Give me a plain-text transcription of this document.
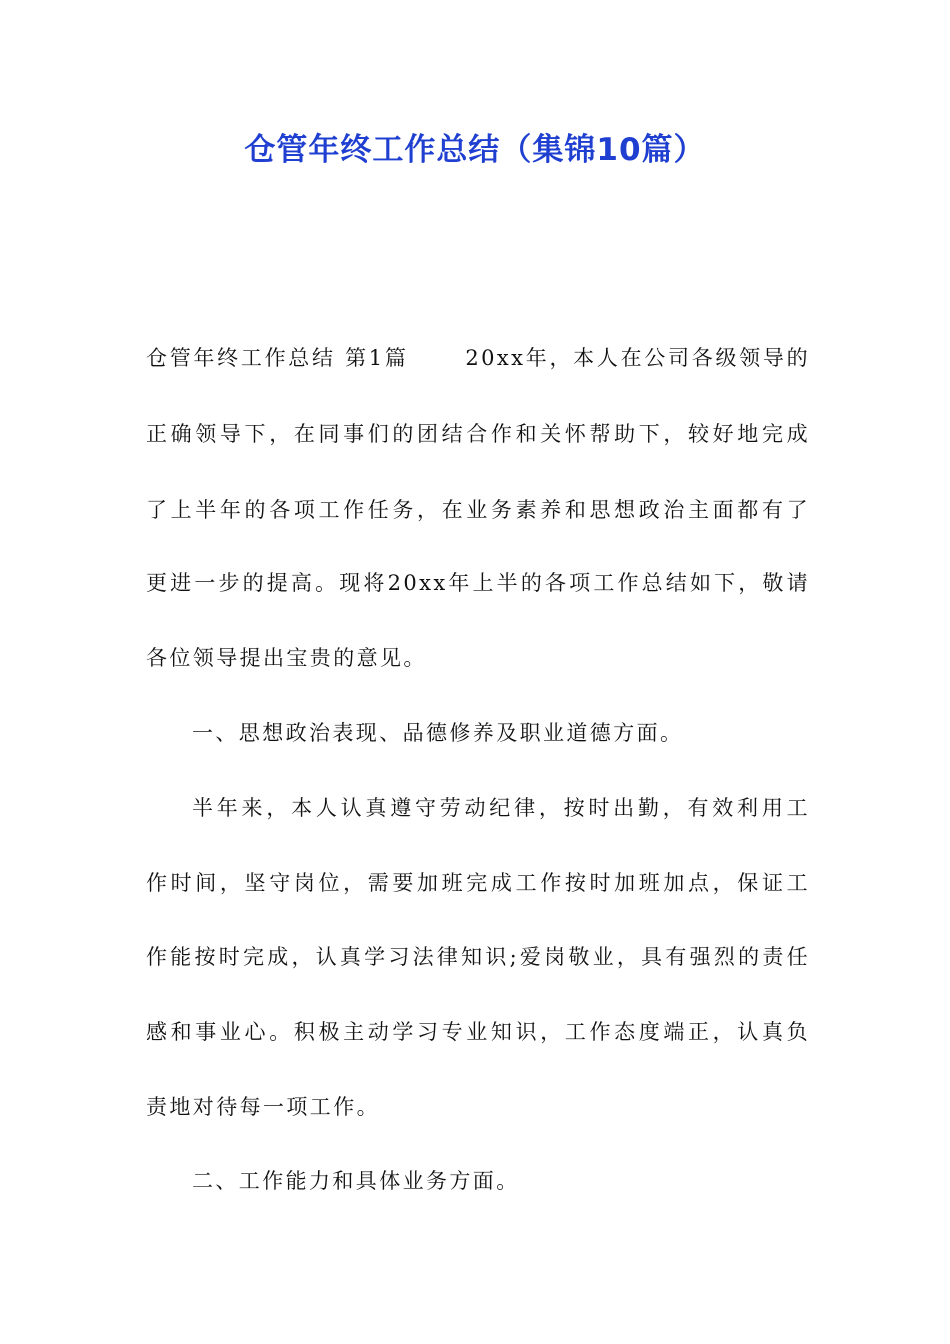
仓管年终工作总结（集锦10篇）
仓管年终工作总结 第1篇　　 20xx年，本人在公司各级领导的
正确领导下，在同事们的团结合作和关怀帮助下，较好地完成
了上半年的各项工作任务，在业务素养和思想政治主面都有了
更进一步的提高。现将20xx年上半的各项工作总结如下，敬请
各位领导提出宝贵的意见。
一、思想政治表现、品德修养及职业道德方面。
半年来，本人认真遵守劳动纪律，按时出勤，有效利用工
作时间，坚守岗位，需要加班完成工作按时加班加点，保证工
作能按时完成，认真学习法律知识;爱岗敬业，具有强烈的责任
感和事业心。积极主动学习专业知识，工作态度端正，认真负
责地对待每一项工作。
二、工作能力和具体业务方面。
